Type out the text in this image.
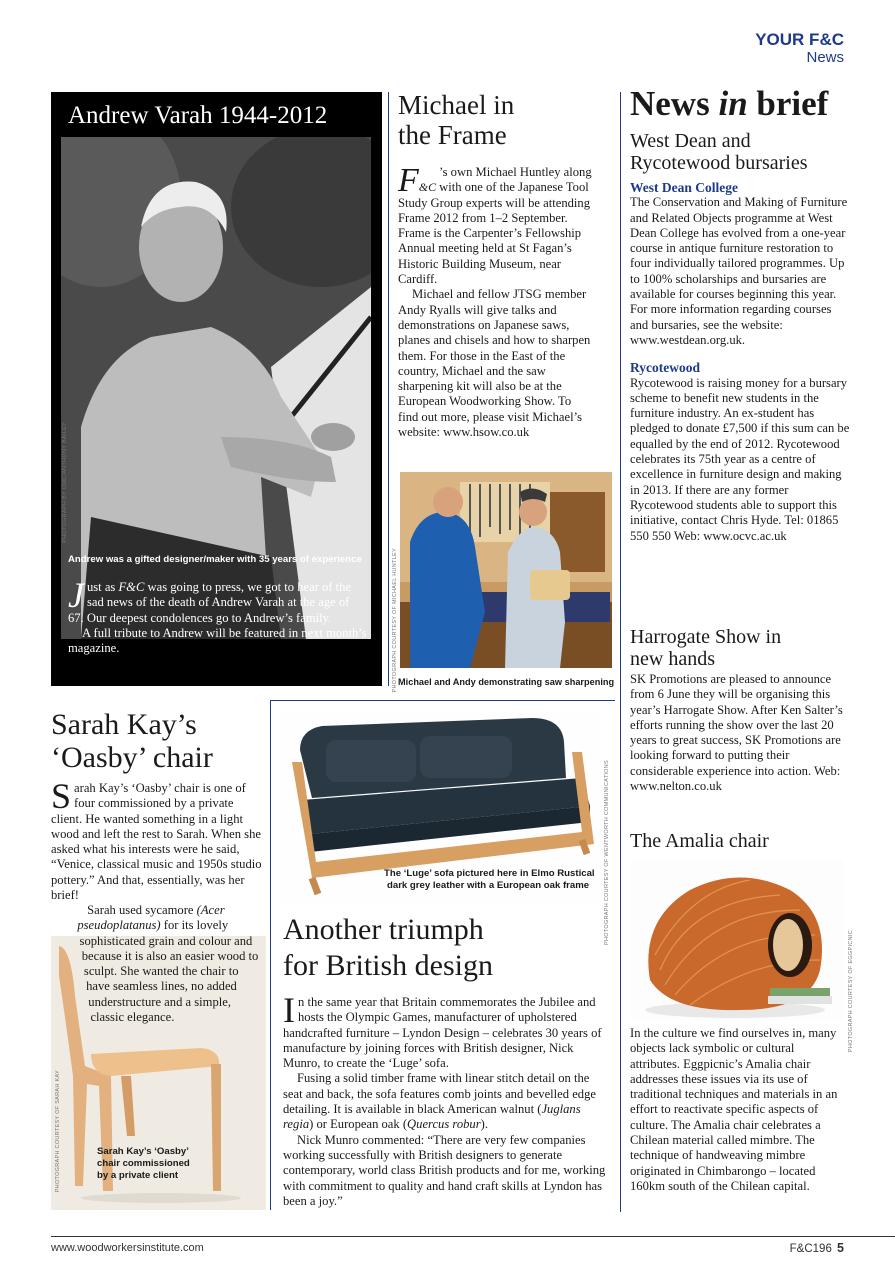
YOUR F&C
News
Andrew Varah 1944-2012
PHOTOGRAPH BY OMC/ANTHONY BAILEY
Andrew was a gifted designer/maker with 35 years of experience

Just as F&C was going to press, we got to hear of the sad news of the death of Andrew Varah at the age of 67. Our deepest condolences go to Andrew’s family.

A full tribute to Andrew will be featured in next month’s magazine.

Michael in
the Frame

F&C
’s own Michael Huntley along with one of the Japanese Tool Study Group experts will be attending Frame 2012 from 1–2 September. Frame is the Carpenter’s Fellowship Annual meeting held at St Fagan’s Historic Building Museum, near Cardiff.

Michael and fellow JTSG member Andy Ryalls will give talks and demonstrations on Japanese saws, planes and chisels and how to sharpen them. For those in the East of the country, Michael and the saw sharpening kit will also be at the European Woodworking Show. To find out more, please visit Michael’s website: www.hsow.co.uk

PHOTOGRAPH COURTESY OF MICHAEL HUNTLEY Michael and Andy demonstrating saw sharpening
News in brief
West Dean and
Rycotewood bursaries
West Dean College

The Conservation and Making of Furniture and Related Objects programme at West Dean College has evolved from a one-year course in antique furniture restoration to four individually tailored programmes. Up to 100% scholarships and bursaries are available for courses beginning this year. For more information regarding courses and bursaries, see the website: www.westdean.org.uk.

Rycotewood

Rycotewood is raising money for a bursary scheme to benefit new students in the furniture industry. An ex-student has pledged to donate £7,500 if this sum can be equalled by the end of 2012. Rycotewood celebrates its 75th year as a centre of excellence in furniture design and making in 2013. If there are any former Rycotewood students able to support this initiative, contact Chris Hyde. Tel: 01865 550 550 Web: www.ocvc.ac.uk

Harrogate Show in
new hands

SK Promotions are pleased to announce from 6 June they will be organising this year’s Harrogate Show. After Ken Salter’s efforts running the show over the last 20 years to great success, SK Promotions are looking forward to putting their considerable experience into action. Web: www.nelton.co.uk

The Amalia chair
PHOTOGRAPH COURTESY OF EGGPICNIC

In the culture we find ourselves in, many objects lack symbolic or cultural attributes. Eggpicnic’s Amalia chair addresses these issues via its use of traditional techniques and materials in an effort to reactivate specific aspects of culture. The Amalia chair celebrates a Chilean material called mimbre. The technique of handweaving mimbre originated in Chimbarongo – located 160km south of the Chilean capital.

Sarah Kay’s
‘Oasby’ chair

Sarah Kay’s ‘Oasby’ chair is one of four commissioned by a private client. He wanted something in a light wood and left the rest to Sarah. When she asked what his interests were he said, “Venice, classical music and 1950s studio pottery.” And that, essentially, was her brief!

PHOTOGRAPH COURTESY OF SARAH KAY	Sarah Kay’s ‘Oasby’
chair commissioned
by a private client

Sarah used sycamore (Acer pseudoplatanus) for its lovely sophisticated grain and colour and because it is also an easier wood to sculpt. She wanted the chair to have seamless lines, no added understructure and a simple, classic elegance.

PHOTOGRAPH COURTESY OF WENTWORTH COMMUNICATIONS
The ‘Luge’ sofa pictured here in Elmo Rustical
dark grey leather with a European oak frame
Another triumph
for British design

In the same year that Britain commemorates the Jubilee and hosts the Olympic Games, manufacturer of upholstered handcrafted furniture – Lyndon Design – celebrates 30 years of manufacture by joining forces with British designer, Nick Munro, to create the ‘Luge’ sofa.

Fusing a solid timber frame with linear stitch detail on the seat and back, the sofa features comb joints and bevelled edge detailing. It is available in black American walnut (Juglans regia) or European oak (Quercus robur).

Nick Munro commented: “There are very few companies working successfully with British designers to generate contemporary, world class British products and for me, working with commitment to quality and hand craft skills at Lyndon has been a joy.”

www.woodworkersinstitute.com	F&C196 5
